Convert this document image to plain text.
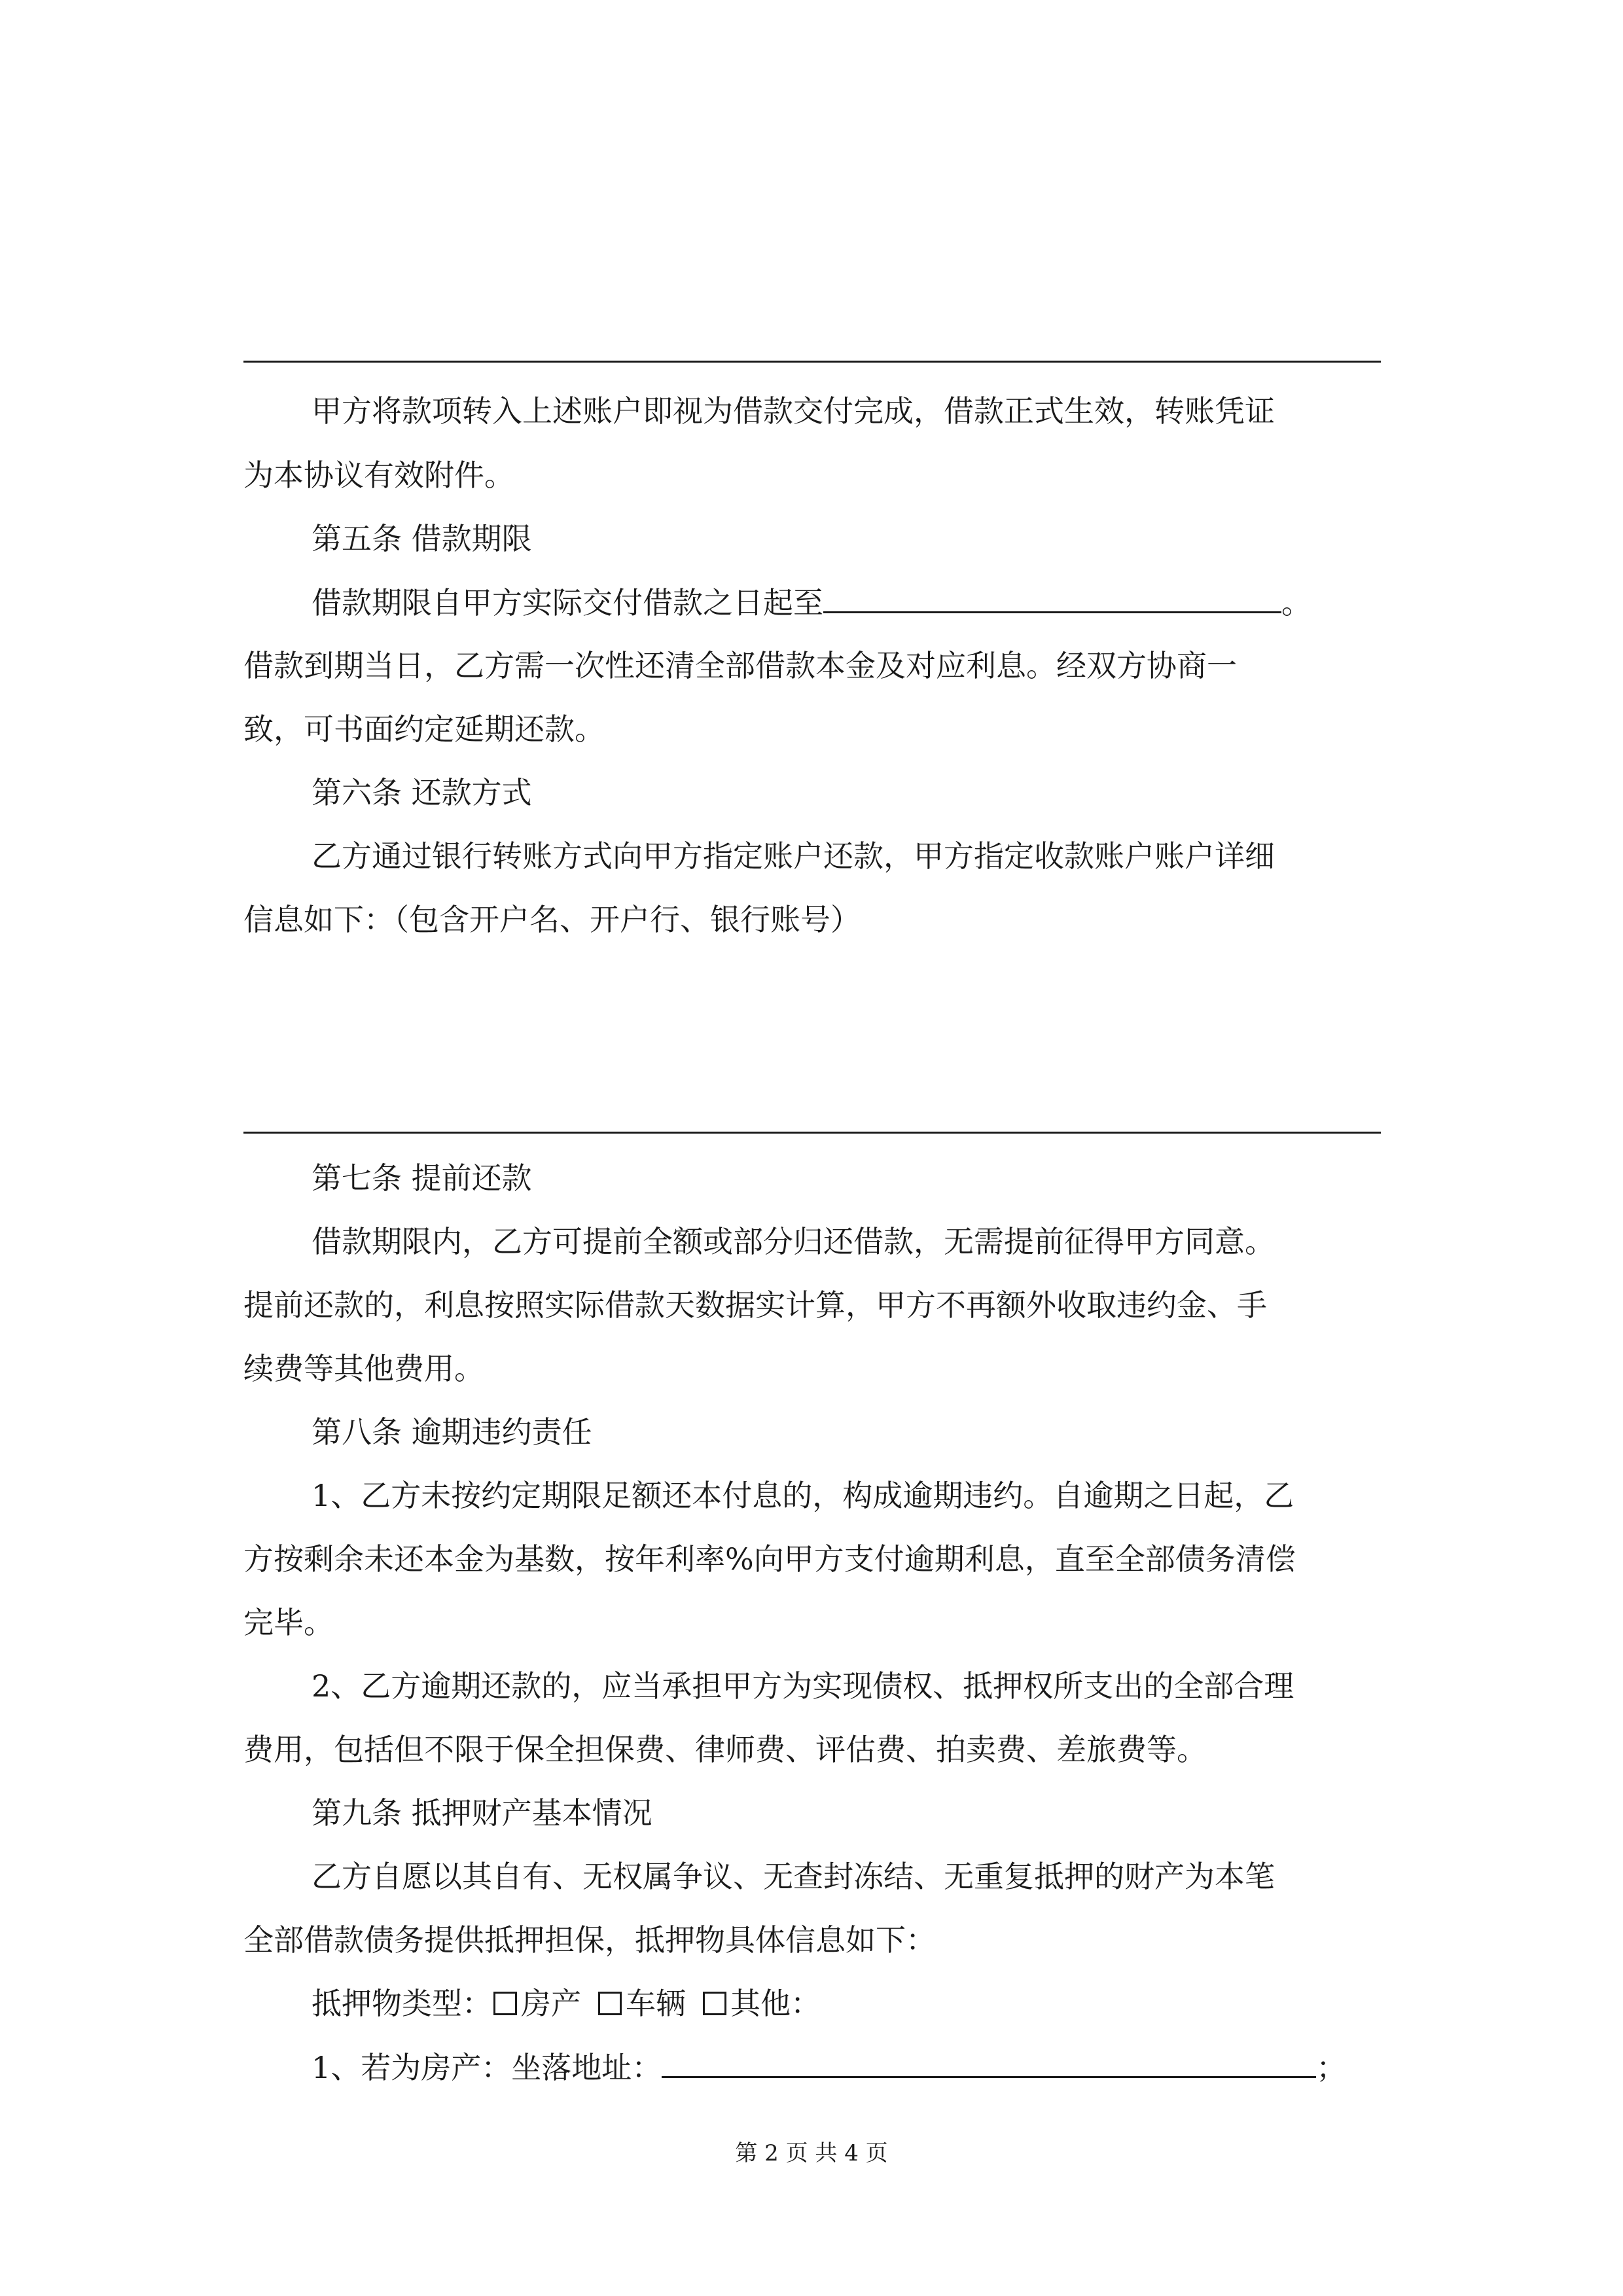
甲方将款项转入上述账户即视为借款交付完成，借款正式生效，转账凭证
为本协议有效附件。
第五条 借款期限
借款期限自甲方实际交付借款之日起至	。
借款到期当日，乙方需一次性还清全部借款本金及对应利息。经双方协商一
致，可书面约定延期还款。
第六条 还款方式
乙方通过银行转账方式向甲方指定账户还款，甲方指定收款账户账户详细
信息如下：（包含开户名、开户行、银行账号）
第七条 提前还款
借款期限内，乙方可提前全额或部分归还借款，无需提前征得甲方同意。
提前还款的，利息按照实际借款天数据实计算，甲方不再额外收取违约金、手
续费等其他费用。
第八条 逾期违约责任
1、乙方未按约定期限足额还本付息的，构成逾期违约。自逾期之日起，乙
方按剩余未还本金为基数，按年利率%向甲方支付逾期利息，直至全部债务清偿
完毕。
2、乙方逾期还款的，应当承担甲方为实现债权、抵押权所支出的全部合理
费用，包括但不限于保全担保费、律师费、评估费、拍卖费、差旅费等。
第九条 抵押财产基本情况
乙方自愿以其自有、无权属争议、无查封冻结、无重复抵押的财产为本笔
全部借款债务提供抵押担保，抵押物具体信息如下：
抵押物类型： 房产 车辆 其他：
1、若为房产：坐落地址：	；
第 2 页 共 4 页
